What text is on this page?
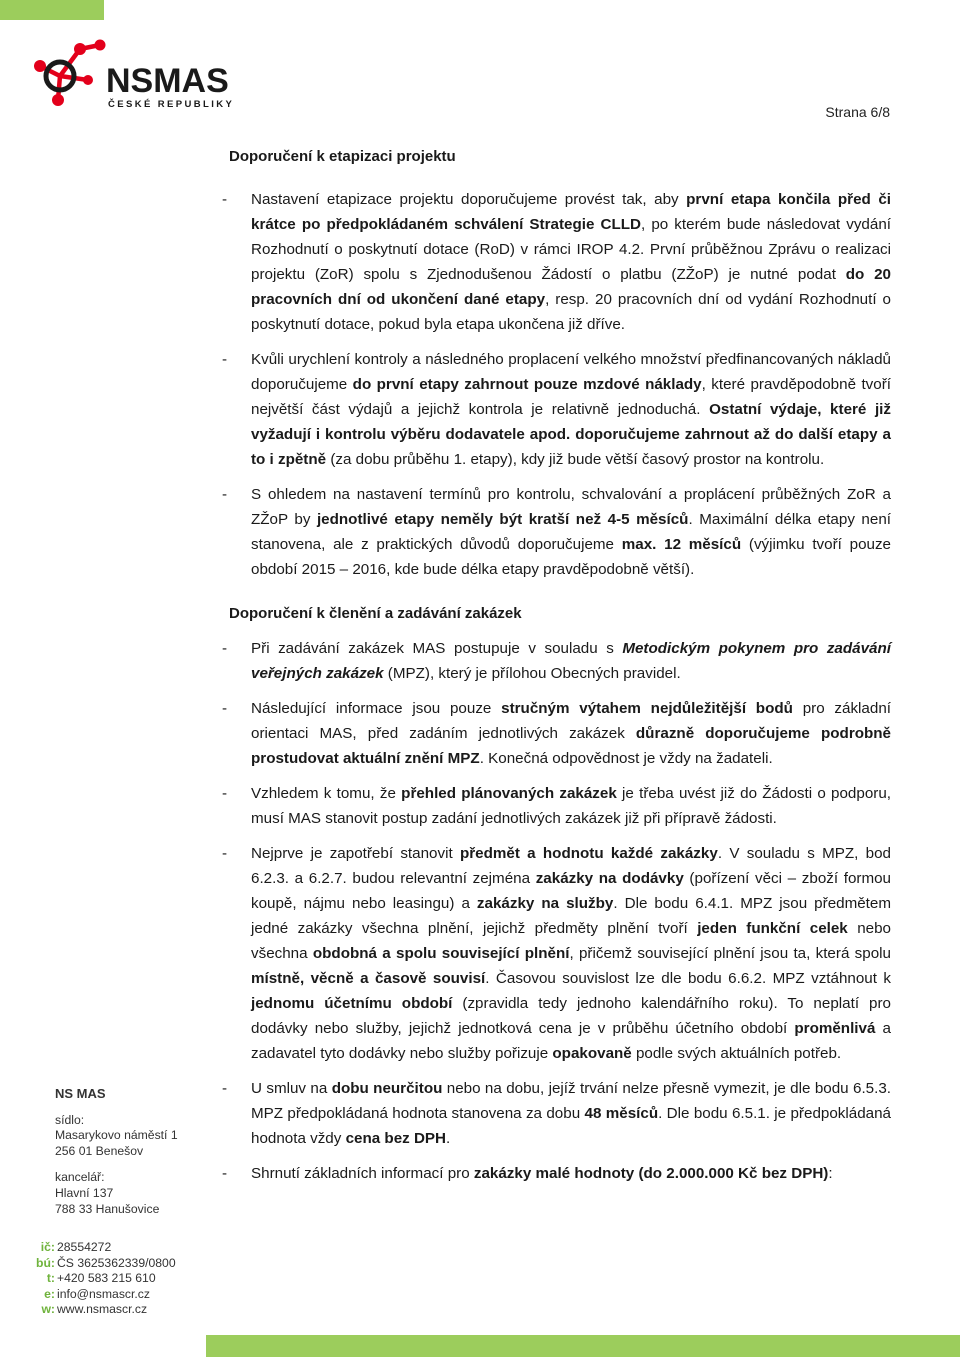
NSMAS
ČESKÉ REPUBLIKY	Strana 6/8

Doporučení k etapizaci projektu

- Nastavení etapizace projektu doporučujeme provést tak, aby první etapa končila před či krátce po předpokládaném schválení Strategie CLLD, po kterém bude následovat vydání Rozhodnutí o poskytnutí dotace (RoD) v rámci IROP 4.2. První průběžnou Zprávu o realizaci projektu (ZoR) spolu s Zjednodušenou Žádostí o platbu (ZŽoP) je nutné podat do 20 pracovních dní od ukončení dané etapy, resp. 20 pracovních dní od vydání Rozhodnutí o poskytnutí dotace, pokud byla etapa ukončena již dříve.
- Kvůli urychlení kontroly a následného proplacení velkého množství předfinancovaných nákladů doporučujeme do první etapy zahrnout pouze mzdové náklady, které pravděpodobně tvoří největší část výdajů a jejichž kontrola je relativně jednoduchá. Ostatní výdaje, které již vyžadují i kontrolu výběru dodavatele apod. doporučujeme zahrnout až do další etapy a to i zpětně (za dobu průběhu 1. etapy), kdy již bude větší časový prostor na kontrolu.
- S ohledem na nastavení termínů pro kontrolu, schvalování a proplácení průběžných ZoR a ZŽoP by jednotlivé etapy neměly být kratší než 4-5 měsíců. Maximální délka etapy není stanovena, ale z praktických důvodů doporučujeme max. 12 měsíců (výjimku tvoří pouze období 2015 – 2016, kde bude délka etapy pravděpodobně větší).

Doporučení k členění a zadávání zakázek

- Při zadávání zakázek MAS postupuje v souladu s Metodickým pokynem pro zadávání veřejných zakázek (MPZ), který je přílohou Obecných pravidel.
- Následující informace jsou pouze stručným výtahem nejdůležitější bodů pro základní orientaci MAS, před zadáním jednotlivých zakázek důrazně doporučujeme podrobně prostudovat aktuální znění MPZ. Konečná odpovědnost je vždy na žadateli.
- Vzhledem k tomu, že přehled plánovaných zakázek je třeba uvést již do Žádosti o podporu, musí MAS stanovit postup zadání jednotlivých zakázek již při přípravě žádosti.
- Nejprve je zapotřebí stanovit předmět a hodnotu každé zakázky. V souladu s MPZ, bod 6.2.3. a 6.2.7. budou relevantní zejména zakázky na dodávky (pořízení věci – zboží formou koupě, nájmu nebo leasingu) a zakázky na služby. Dle bodu 6.4.1. MPZ jsou předmětem jedné zakázky všechna plnění, jejichž předměty plnění tvoří jeden funkční celek nebo všechna obdobná a spolu související plnění, přičemž související plnění jsou ta, která spolu místně, věcně a časově souvisí. Časovou souvislost lze dle bodu 6.6.2. MPZ vztáhnout k jednomu účetnímu období (zpravidla tedy jednoho kalendářního roku). To neplatí pro dodávky nebo služby, jejichž jednotková cena je v průběhu účetního období proměnlivá a zadavatel tyto dodávky nebo služby pořizuje opakovaně podle svých aktuálních potřeb.
- U smluv na dobu neurčitou nebo na dobu, jejíž trvání nelze přesně vymezit, je dle bodu 6.5.3. MPZ předpokládaná hodnota stanovena za dobu 48 měsíců. Dle bodu 6.5.1. je předpokládaná hodnota vždy cena bez DPH.
- Shrnutí základních informací pro zakázky malé hodnoty (do 2.000.000 Kč bez DPH):
NS MAS
sídlo:
Masarykovo náměstí 1
256 01 Benešov
kancelář:
Hlavní 137
788 33 Hanušovice
ič: 28554272
bú: ČS 3625362339/0800
t: +420 583 215 610
e: info@nsmascr.cz
w: www.nsmascr.cz
